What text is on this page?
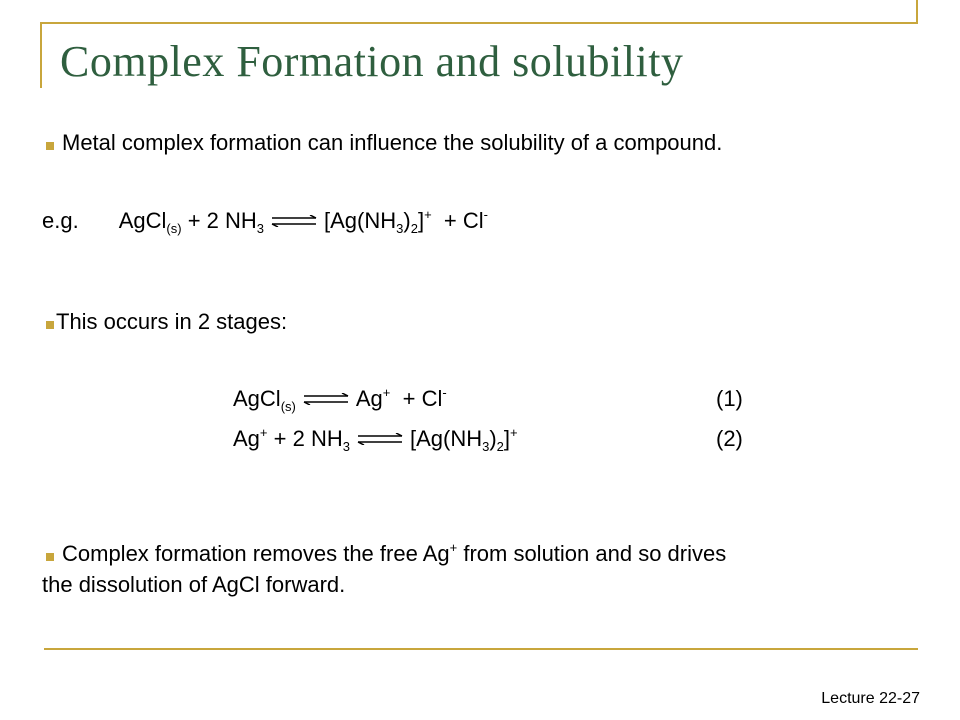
Complex Formation and solubility
Metal complex formation can influence the solubility of a compound.
e.g. AgCl$_{(s)}$ + 2 $NH_3$ ⇌ $[Ag(NH_3)_2]^+ + Cl^-$
This occurs in 2 stages:
AgCl$_{(s)}$ ⇌ Ag+ + Cl-	(1)
Ag+ + 2 $NH_3$ ⇌ $[Ag(NH_3)_2]^+$	(2)
Complex formation removes the free Ag+ from solution and so drives
the dissolution of AgCl forward.
Lecture 22-27
